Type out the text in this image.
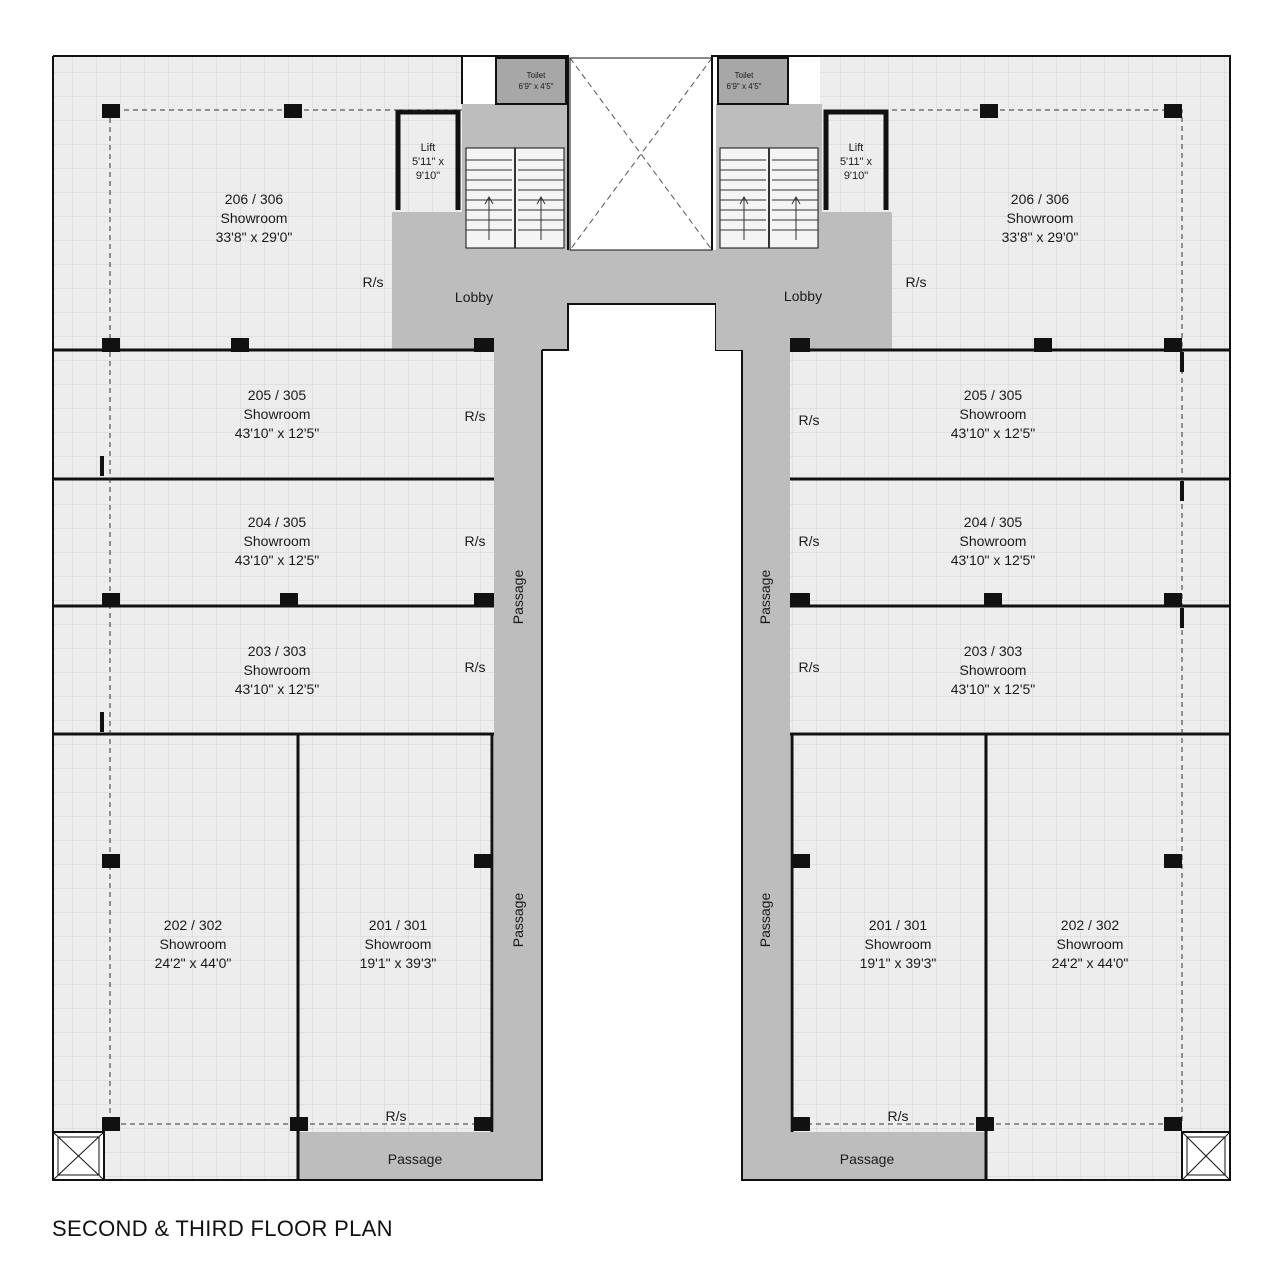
206 / 306
Showroom
33'8" x 29'0"
205 / 305
Showroom
43'10" x 12'5"
204 / 305
Showroom
43'10" x 12'5"
203 / 303
Showroom
43'10" x 12'5"
202 / 302
Showroom
24'2" x 44'0"
201 / 301
Showroom
19'1" x 39'3"
Lift
5'11" x
9'10"
Toilet
6'9" x 4'5"
Lobby
R/s
R/s
R/s
R/s
R/s
Passage
Passage
Passage
206 / 306
Showroom
33'8" x 29'0"
205 / 305
Showroom
43'10" x 12'5"
204 / 305
Showroom
43'10" x 12'5"
203 / 303
Showroom
43'10" x 12'5"
201 / 301
Showroom
19'1" x 39'3"
202 / 302
Showroom
24'2" x 44'0"
Lift
5'11" x
9'10"
Toilet
6'9" x 4'5"
Lobby
R/s
R/s
R/s
R/s
R/s
Passage
Passage
Passage
SECOND & THIRD FLOOR PLAN
